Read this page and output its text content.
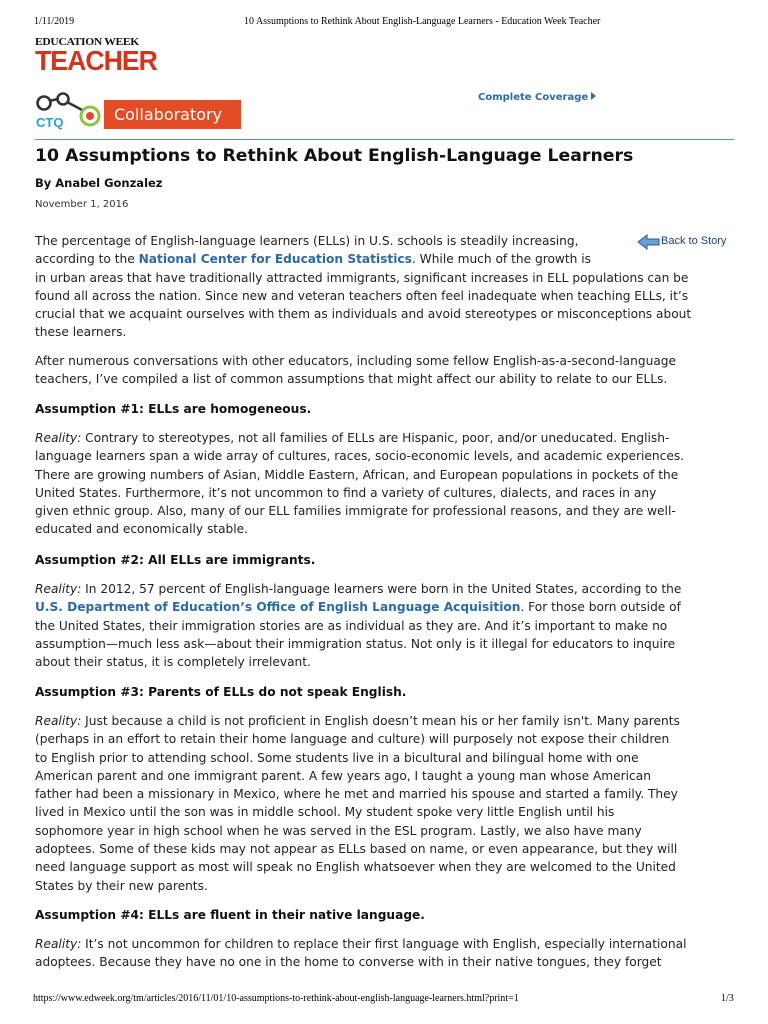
1/11/2019	10 Assumptions to Rethink About English-Language Learners - Education Week Teacher
EDUCATION WEEK
TEACHER
CTQ	Collaboratory
Complete Coverage
10 Assumptions to Rethink About English-Language Learners
By Anabel Gonzalez
November 1, 2016
Back to Story
The percentage of English-language learners (ELLs) in U.S. schools is steadily increasing,
according to the National Center for Education Statistics. While much of the growth is
in urban areas that have traditionally attracted immigrants, significant increases in ELL populations can be
found all across the nation. Since new and veteran teachers often feel inadequate when teaching ELLs, it’s
crucial that we acquaint ourselves with them as individuals and avoid stereotypes or misconceptions about
these learners.
After numerous conversations with other educators, including some fellow English-as-a-second-language
teachers, I’ve compiled a list of common assumptions that might affect our ability to relate to our ELLs.
Assumption #1: ELLs are homogeneous.
Reality: Contrary to stereotypes, not all families of ELLs are Hispanic, poor, and/or uneducated. English-
language learners span a wide array of cultures, races, socio-economic levels, and academic experiences.
There are growing numbers of Asian, Middle Eastern, African, and European populations in pockets of the
United States. Furthermore, it’s not uncommon to find a variety of cultures, dialects, and races in any
given ethnic group. Also, many of our ELL families immigrate for professional reasons, and they are well-
educated and economically stable.
Assumption #2: All ELLs are immigrants.
Reality: In 2012, 57 percent of English-language learners were born in the United States, according to the
U.S. Department of Education’s Office of English Language Acquisition. For those born outside of
the United States, their immigration stories are as individual as they are. And it’s important to make no
assumption—much less ask—about their immigration status. Not only is it illegal for educators to inquire
about their status, it is completely irrelevant.
Assumption #3: Parents of ELLs do not speak English.
Reality: Just because a child is not proficient in English doesn’t mean his or her family isn't. Many parents
(perhaps in an effort to retain their home language and culture) will purposely not expose their children
to English prior to attending school. Some students live in a bicultural and bilingual home with one
American parent and one immigrant parent. A few years ago, I taught a young man whose American
father had been a missionary in Mexico, where he met and married his spouse and started a family. They
lived in Mexico until the son was in middle school. My student spoke very little English until his
sophomore year in high school when he was served in the ESL program. Lastly, we also have many
adoptees. Some of these kids may not appear as ELLs based on name, or even appearance, but they will
need language support as most will speak no English whatsoever when they are welcomed to the United
States by their new parents.
Assumption #4: ELLs are fluent in their native language.
Reality: It’s not uncommon for children to replace their first language with English, especially international
adoptees. Because they have no one in the home to converse with in their native tongues, they forget
https://www.edweek.org/tm/articles/2016/11/01/10-assumptions-to-rethink-about-english-language-learners.html?print=1	1/3
